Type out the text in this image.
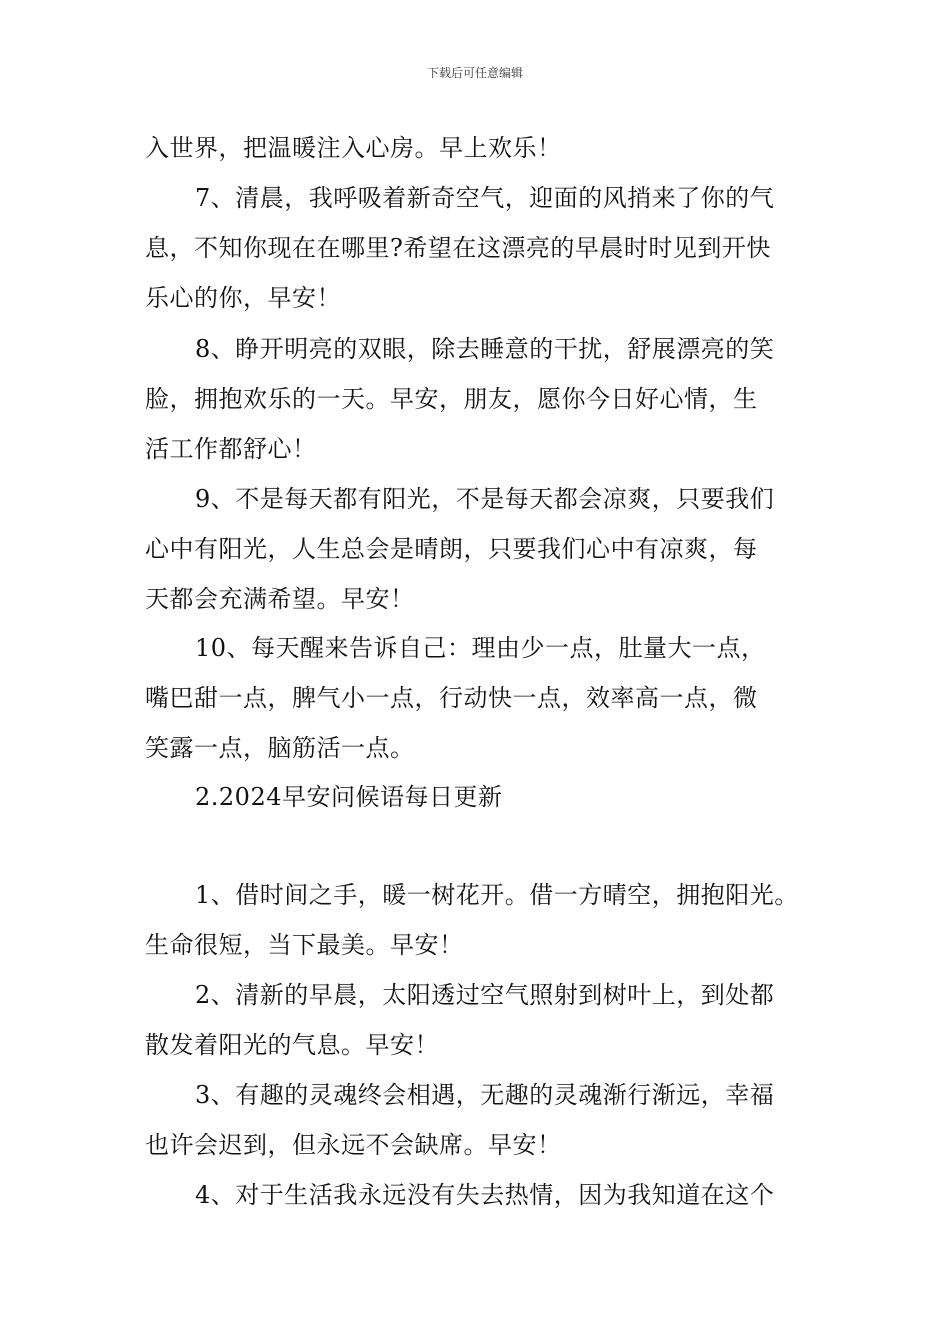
下载后可任意编辑
入世界，把温暖注入心房。早上欢乐！
7、清晨，我呼吸着新奇空气，迎面的风捎来了你的气
息，不知你现在在哪里?希望在这漂亮的早晨时时见到开快
乐心的你，早安！
8、睁开明亮的双眼，除去睡意的干扰，舒展漂亮的笑
脸，拥抱欢乐的一天。早安，朋友，愿你今日好心情，生
活工作都舒心！
9、不是每天都有阳光，不是每天都会凉爽，只要我们
心中有阳光，人生总会是晴朗，只要我们心中有凉爽，每
天都会充满希望。早安！
10、每天醒来告诉自己：理由少一点，肚量大一点，
嘴巴甜一点，脾气小一点，行动快一点，效率高一点，微
笑露一点，脑筋活一点。
2.2024早安问候语每日更新
1、借时间之手，暖一树花开。借一方晴空，拥抱阳光。
生命很短，当下最美。早安！
2、清新的早晨，太阳透过空气照射到树叶上，到处都
散发着阳光的气息。早安！
3、有趣的灵魂终会相遇，无趣的灵魂渐行渐远，幸福
也许会迟到，但永远不会缺席。早安！
4、对于生活我永远没有失去热情，因为我知道在这个
